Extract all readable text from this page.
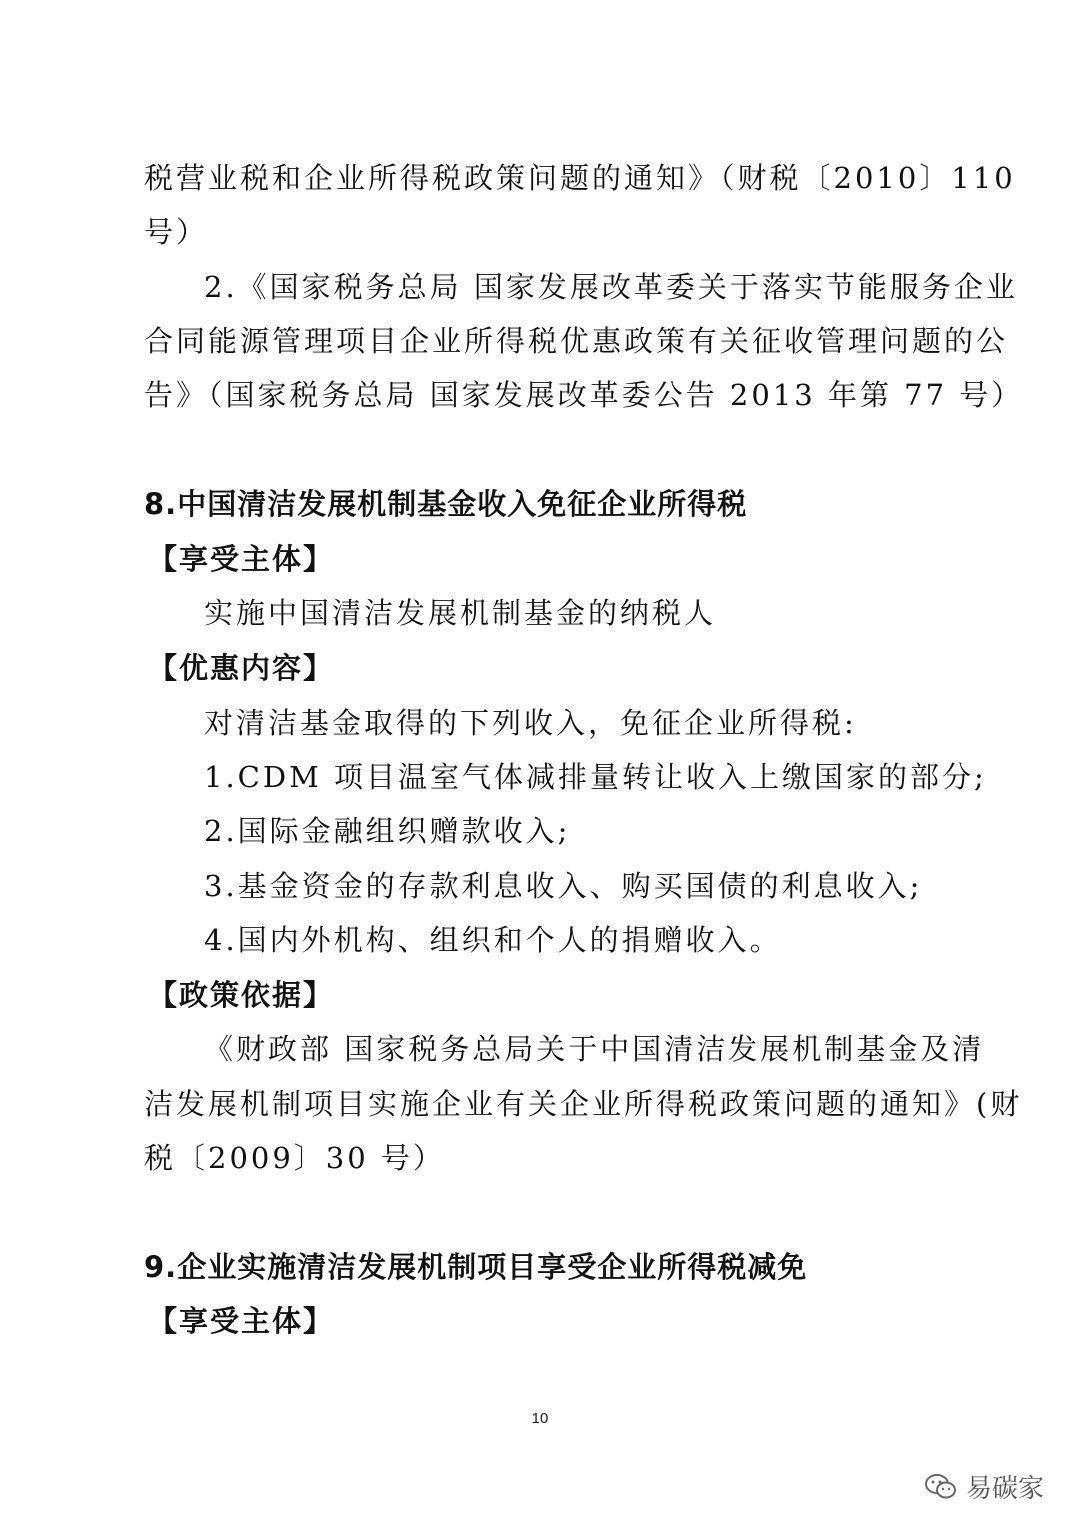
税营业税和企业所得税政策问题的通知》（财税〔2010〕110
号）
2.《国家税务总局 国家发展改革委关于落实节能服务企业
合同能源管理项目企业所得税优惠政策有关征收管理问题的公
告》（国家税务总局 国家发展改革委公告 2013 年第 77 号）
8.中国清洁发展机制基金收入免征企业所得税
【享受主体】
实施中国清洁发展机制基金的纳税人
【优惠内容】
对清洁基金取得的下列收入，免征企业所得税:
1.CDM 项目温室气体减排量转让收入上缴国家的部分;
2.国际金融组织赠款收入;
3.基金资金的存款利息收入、购买国债的利息收入;
4.国内外机构、组织和个人的捐赠收入。
【政策依据】
《财政部 国家税务总局关于中国清洁发展机制基金及清
洁发展机制项目实施企业有关企业所得税政策问题的通知》(财
税〔2009〕30 号）
9.企业实施清洁发展机制项目享受企业所得税减免
【享受主体】
10
易碳家
